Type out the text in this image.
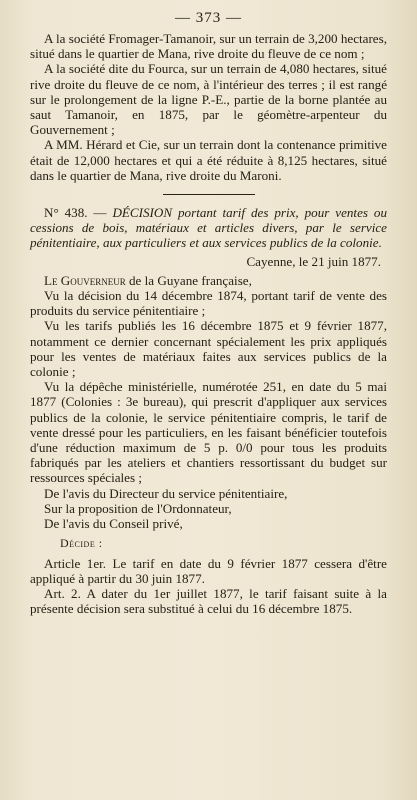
— 373 —

A la société Fromager-Tamanoir, sur un terrain de 3,200 hectares, situé dans le quartier de Mana, rive droite du fleuve de ce nom ;

A la société dite du Fourca, sur un terrain de 4,080 hectares, situé rive droite du fleuve de ce nom, à l'intérieur des terres ; il est rangé sur le prolongement de la ligne P.-E., partie de la borne plantée au saut Tamanoir, en 1875, par le géomètre-arpenteur du Gouvernement ;

A MM. Hérard et Cie, sur un terrain dont la contenance primitive était de 12,000 hectares et qui a été réduite à 8,125 hectares, situé dans le quartier de Mana, rive droite du Maroni.

N° 438. — DÉCISION portant tarif des prix, pour ventes ou cessions de bois, matériaux et articles divers, par le service pénitentiaire, aux particuliers et aux services publics de la colonie.

Cayenne, le 21 juin 1877.

Le Gouverneur de la Guyane française,

Vu la décision du 14 décembre 1874, portant tarif de vente des produits du service pénitentiaire ;

Vu les tarifs publiés les 16 décembre 1875 et 9 février 1877, notamment ce dernier concernant spécialement les prix appliqués pour les ventes de matériaux faites aux services publics de la colonie ;

Vu la dépêche ministérielle, numérotée 251, en date du 5 mai 1877 (Colonies : 3e bureau), qui prescrit d'appliquer aux services publics de la colonie, le service pénitentiaire compris, le tarif de vente dressé pour les particuliers, en les faisant bénéficier toutefois d'une réduction maximum de 5 p. 0/0 pour tous les produits fabriqués par les ateliers et chantiers ressortissant du budget sur ressources spéciales ;

De l'avis du Directeur du service pénitentiaire,

Sur la proposition de l'Ordonnateur,

De l'avis du Conseil privé,

Décide :

Article 1er. Le tarif en date du 9 février 1877 cessera d'être appliqué à partir du 30 juin 1877.

Art. 2. A dater du 1er juillet 1877, le tarif faisant suite à la présente décision sera substitué à celui du 16 décembre 1875.
